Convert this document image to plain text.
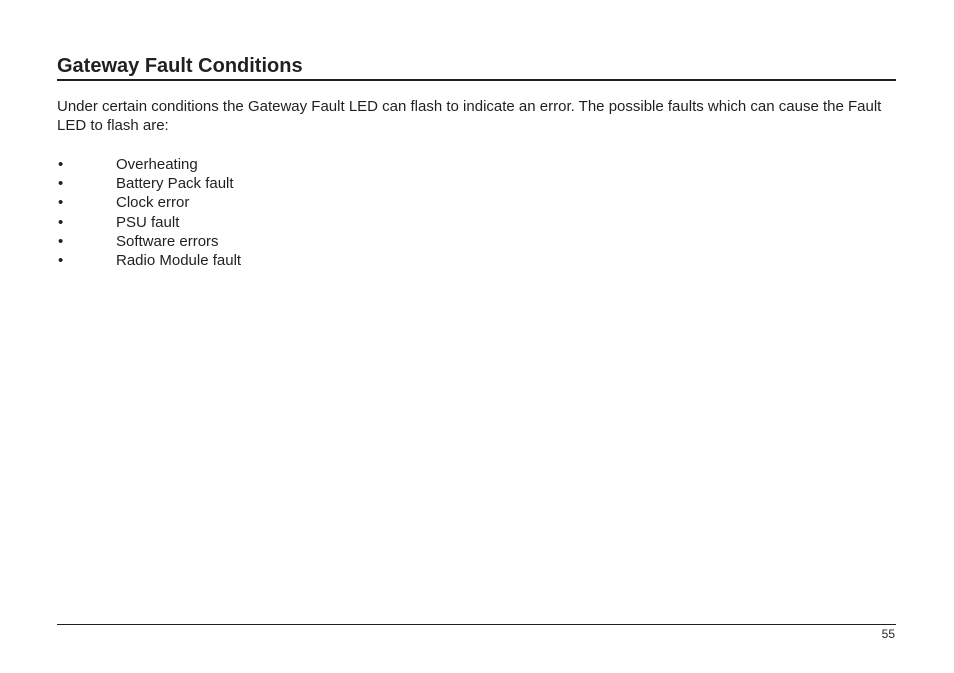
Gateway Fault Conditions

Under certain conditions the Gateway Fault LED can flash to indicate an error. The possible faults which can cause the Fault LED to flash are:

•	Overheating
•	Battery Pack fault
•	Clock error
•	PSU fault
•	Software errors
•	Radio Module fault
55
